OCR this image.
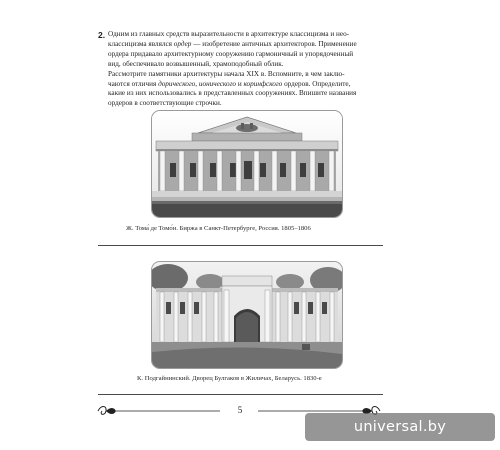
2. Одним из главных средств выразительности в архитектуре классицизма и нео-

классицизма являлся ордер — изобретение античных архитекторов. Применение

ордера придавало архитектурному сооружению гармоничный и упорядоченный

вид, обеспечивало возвышенный, храмоподобный облик.

Рассмотрите памятники архитектуры начала XIX в. Вспомните, в чем заклю-

чаются отличия дорического, ионического и коринфского ордеров. Определите,

какие из них использовались в представленных сооружениях. Впишите названия

ордеров в соответствующие строчки.

Ж. Тома́ де Томо́н. Биржа в Санкт-Петербурге, Россия. 1805–1806
К. Подгайнинский. Дворец Булгаков в Жиличах, Беларусь. 1830-е
5
universal.by
